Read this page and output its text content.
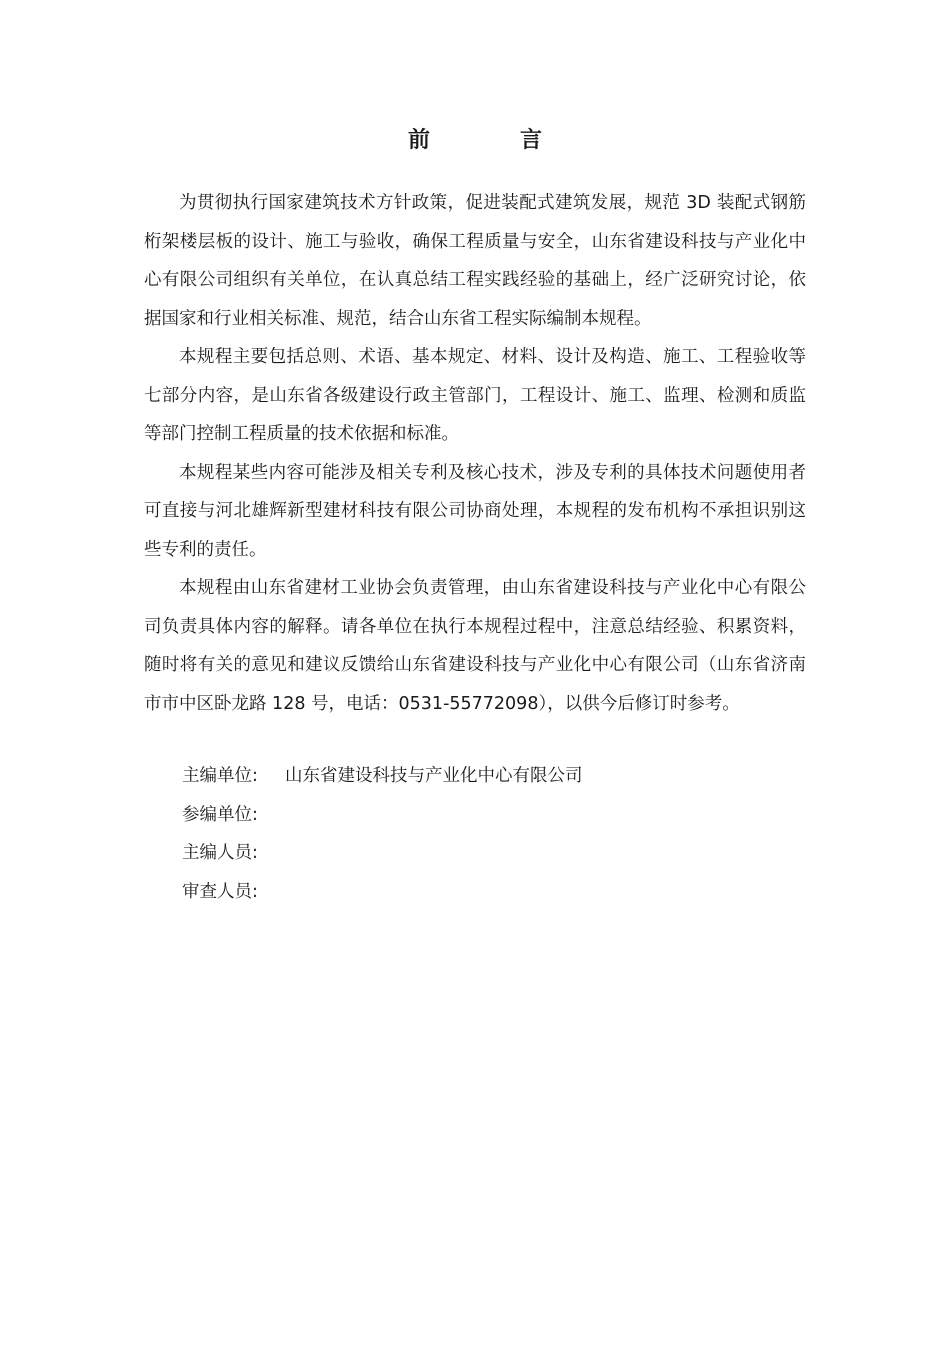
前　言

为贯彻执行国家建筑技术方针政策，促进装配式建筑发展，规范 3D 装配式钢筋桁架楼层板的设计、施工与验收，确保工程质量与安全，山东省建设科技与产业化中心有限公司组织有关单位，在认真总结工程实践经验的基础上，经广泛研究讨论，依据国家和行业相关标准、规范，结合山东省工程实际编制本规程。

本规程主要包括总则、术语、基本规定、材料、设计及构造、施工、工程验收等七部分内容，是山东省各级建设行政主管部门，工程设计、施工、监理、检测和质监等部门控制工程质量的技术依据和标准。

本规程某些内容可能涉及相关专利及核心技术，涉及专利的具体技术问题使用者可直接与河北雄辉新型建材科技有限公司协商处理，本规程的发布机构不承担识别这些专利的责任。

本规程由山东省建材工业协会负责管理，由山东省建设科技与产业化中心有限公司负责具体内容的解释。请各单位在执行本规程过程中，注意总结经验、积累资料，随时将有关的意见和建议反馈给山东省建设科技与产业化中心有限公司（山东省济南市市中区卧龙路 128 号，电话：0531-55772098），以供今后修订时参考。

主编单位:	山东省建设科技与产业化中心有限公司
参编单位:
主编人员:
审查人员:
